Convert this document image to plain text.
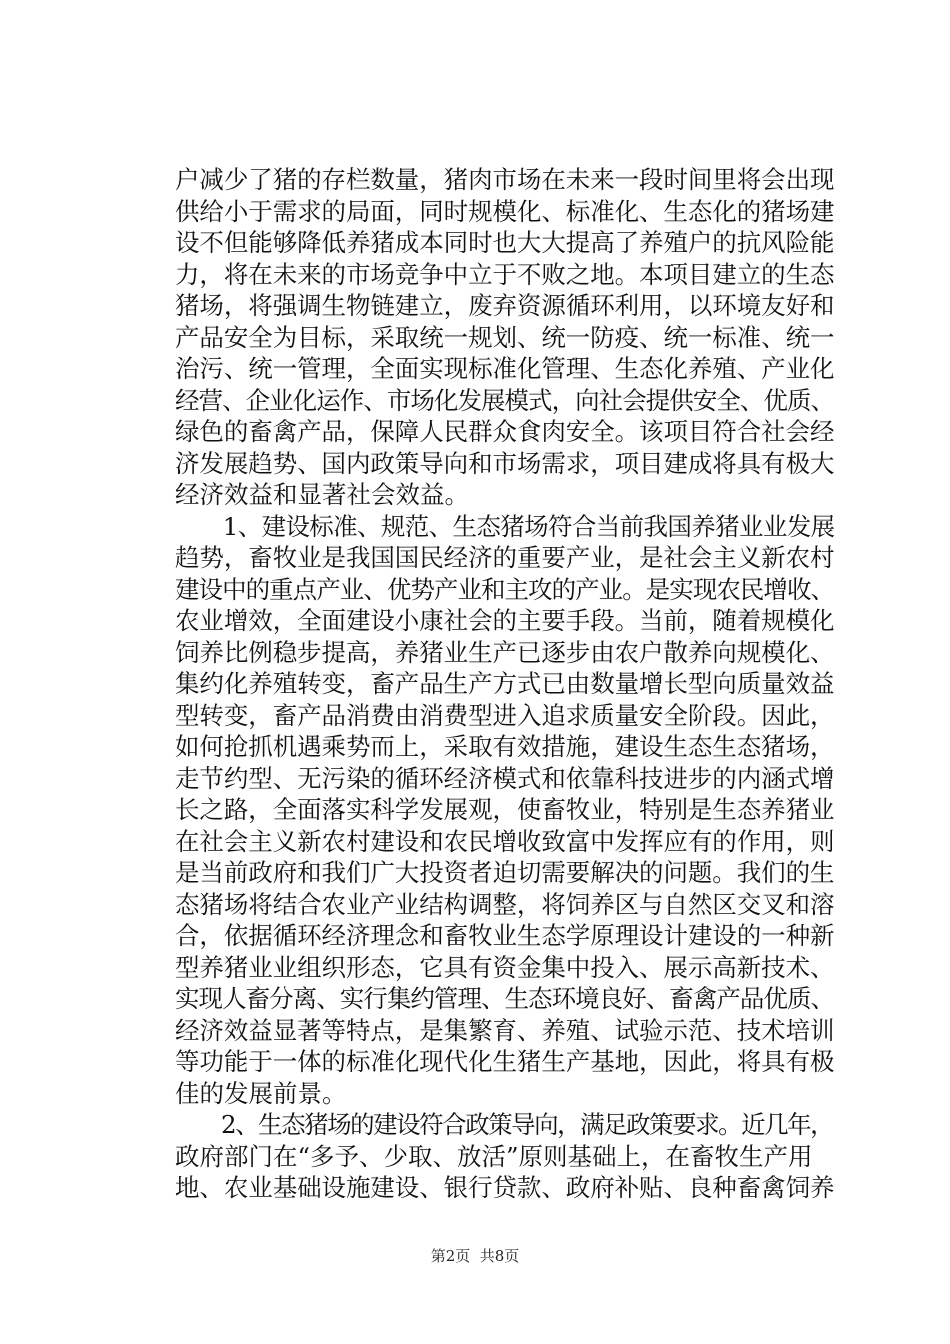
户减少了猪的存栏数量，猪肉市场在未来一段时间里将会出现
供给小于需求的局面，同时规模化、标准化、生态化的猪场建
设不但能够降低养猪成本同时也大大提高了养殖户的抗风险能
力，将在未来的市场竞争中立于不败之地。本项目建立的生态
猪场，将强调生物链建立，废弃资源循环利用，以环境友好和
产品安全为目标，采取统一规划、统一防疫、统一标准、统一
治污、统一管理，全面实现标准化管理、生态化养殖、产业化
经营、企业化运作、市场化发展模式，向社会提供安全、优质、
绿色的畜禽产品，保障人民群众食肉安全。该项目符合社会经
济发展趋势、国内政策导向和市场需求，项目建成将具有极大
经济效益和显著社会效益。
　　1、建设标准、规范、生态猪场符合当前我国养猪业业发展
趋势，畜牧业是我国国民经济的重要产业，是社会主义新农村
建设中的重点产业、优势产业和主攻的产业。是实现农民增收、
农业增效，全面建设小康社会的主要手段。当前，随着规模化
饲养比例稳步提高，养猪业生产已逐步由农户散养向规模化、
集约化养殖转变，畜产品生产方式已由数量增长型向质量效益
型转变，畜产品消费由消费型进入追求质量安全阶段。因此，
如何抢抓机遇乘势而上，采取有效措施，建设生态生态猪场，
走节约型、无污染的循环经济模式和依靠科技进步的内涵式增
长之路，全面落实科学发展观，使畜牧业，特别是生态养猪业
在社会主义新农村建设和农民增收致富中发挥应有的作用，则
是当前政府和我们广大投资者迫切需要解决的问题。我们的生
态猪场将结合农业产业结构调整，将饲养区与自然区交叉和溶
合，依据循环经济理念和畜牧业生态学原理设计建设的一种新
型养猪业业组织形态，它具有资金集中投入、展示高新技术、
实现人畜分离、实行集约管理、生态环境良好、畜禽产品优质、
经济效益显著等特点，是集繁育、养殖、试验示范、技术培训
等功能于一体的标准化现代化生猪生产基地，因此，将具有极
佳的发展前景。
　　2、生态猪场的建设符合政策导向，满足政策要求。近几年，
政府部门在“多予、少取、放活”原则基础上，在畜牧生产用
地、农业基础设施建设、银行贷款、政府补贴、良种畜禽饲养
第2页  共8页
